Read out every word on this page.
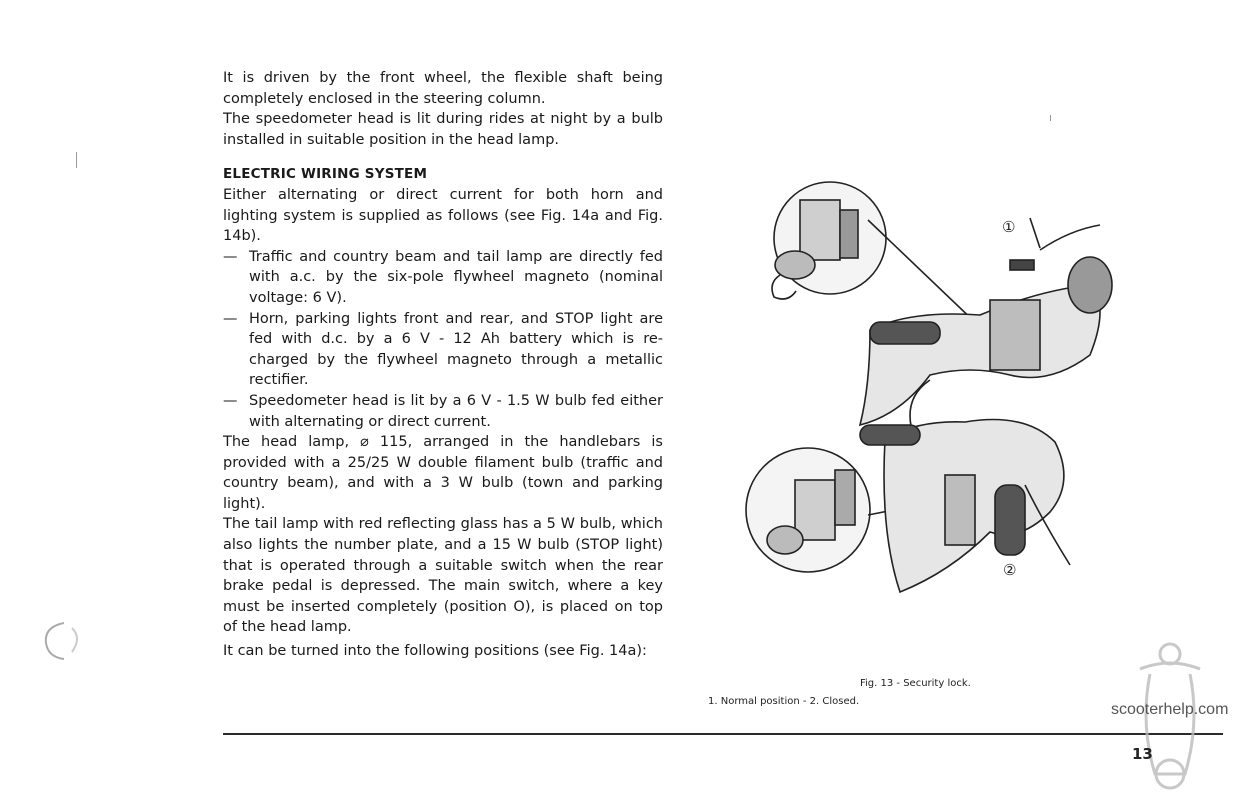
It is driven by the front wheel, the flexible shaft being completely enclosed in the steering column.

The speedometer head is lit during rides at night by a bulb installed in suitable position in the head lamp.

ELECTRIC WIRING SYSTEM

Either alternating or direct current for both horn and lighting system is supplied as follows (see Fig. 14a and Fig. 14b).

— Traffic and country beam and tail lamp are directly fed with a.c. by the six-pole flywheel magneto (nominal voltage: 6 V).
— Horn, parking lights front and rear, and STOP light are fed with d.c. by a 6 V - 12 Ah battery which is re-charged by the flywheel magneto through a metallic rectifier.
— Speedometer head is lit by a 6 V - 1.5 W bulb fed either with alternating or direct current.

The head lamp, ⌀ 115, arranged in the handlebars is provided with a 25/25 W double filament bulb (traffic and country beam), and with a 3 W bulb (town and parking light).

The tail lamp with red reflecting glass has a 5 W bulb, which also lights the number plate, and a 15 W bulb (STOP light) that is operated through a suitable switch when the rear brake pedal is depressed. The main switch, where a key must be inserted completely (position O), is placed on top of the head lamp.

It can be turned into the following positions (see Fig. 14a):

①
②
Fig. 13 - Security lock.
1. Normal position - 2. Closed.	scooterhelp.com
13
